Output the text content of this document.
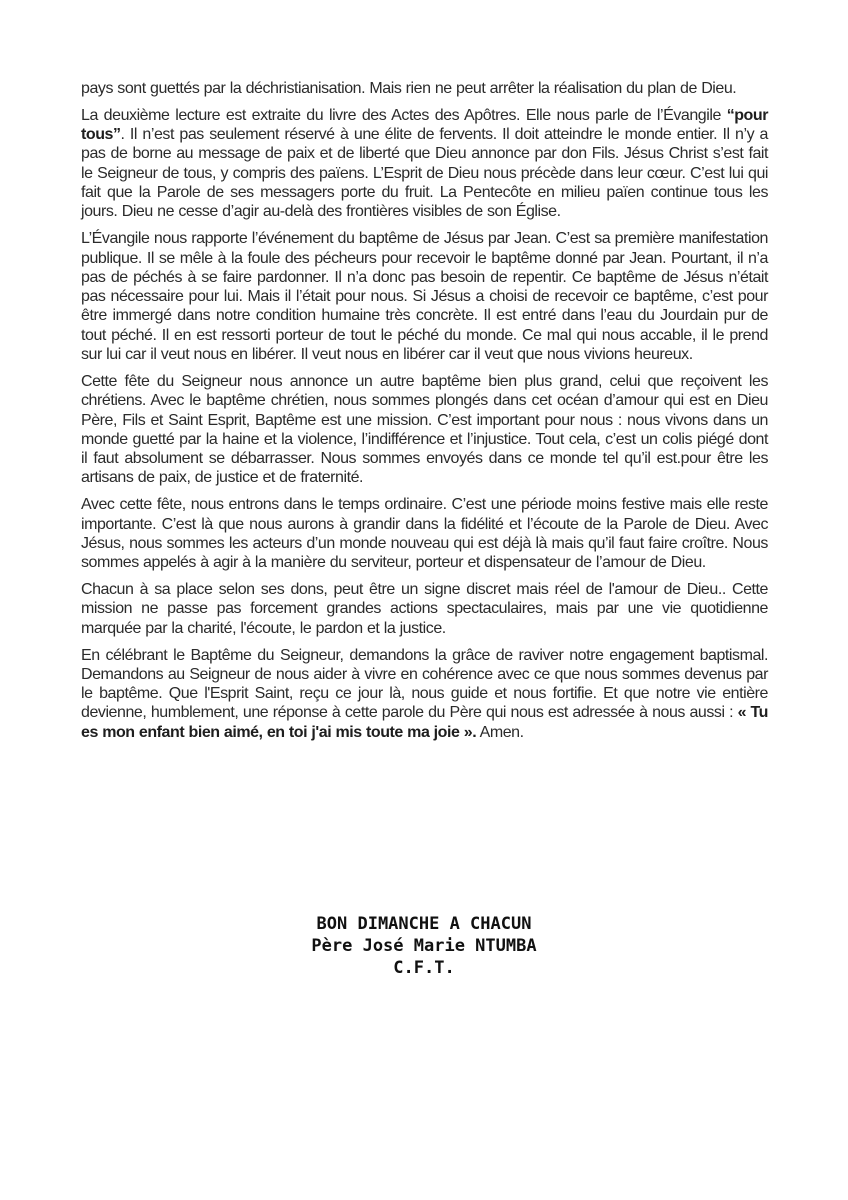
pays sont guettés par la déchristianisation. Mais rien ne peut arrêter la réalisation du plan de Dieu.

La deuxième lecture est extraite du livre des Actes des Apôtres. Elle nous parle de l’Évangile “pour tous”. Il n’est pas seulement réservé à une élite de fervents. Il doit atteindre le monde entier. Il n’y a pas de borne au message de paix et de liberté que Dieu annonce par don Fils. Jésus Christ s’est fait le Seigneur de tous, y compris des païens. L’Esprit de Dieu nous précède dans leur cœur. C’est lui qui fait que la Parole de ses messagers porte du fruit. La Pentecôte en milieu païen continue tous les jours. Dieu ne cesse d’agir au-delà des frontières visibles de son Église.

L’Évangile nous rapporte l’événement du baptême de Jésus par Jean. C’est sa première manifestation publique. Il se mêle à la foule des pécheurs pour recevoir le baptême donné par Jean. Pourtant, il n’a pas de péchés à se faire pardonner. Il n’a donc pas besoin de repentir. Ce baptême de Jésus n’était pas nécessaire pour lui. Mais il l’était pour nous. Si Jésus a choisi de recevoir ce baptême, c’est pour être immergé dans notre condition humaine très concrète. Il est entré dans l’eau du Jourdain pur de tout péché. Il en est ressorti porteur de tout le péché du monde. Ce mal qui nous accable, il le prend sur lui car il veut nous en libérer. Il veut nous en libérer car il veut que nous vivions heureux.

Cette fête du Seigneur nous annonce un autre baptême bien plus grand, celui que reçoivent les chrétiens. Avec le baptême chrétien, nous sommes plongés dans cet océan d’amour qui est en Dieu Père, Fils et Saint Esprit, Baptême est une mission. C’est important pour nous : nous vivons dans un monde guetté par la haine et la violence, l’indifférence et l’injustice. Tout cela, c’est un colis piégé dont il faut absolument se débarrasser. Nous sommes envoyés dans ce monde tel qu’il est.pour être les artisans de paix, de justice et de fraternité.

Avec cette fête, nous entrons dans le temps ordinaire. C’est une période moins festive mais elle reste importante. C’est là que nous aurons à grandir dans la fidélité et l’écoute de la Parole de Dieu. Avec Jésus, nous sommes les acteurs d’un monde nouveau qui est déjà là mais qu’il faut faire croître. Nous sommes appelés à agir à la manière du serviteur, porteur et dispensateur de l’amour de Dieu.

Chacun à sa place selon ses dons, peut être un signe discret mais réel de l'amour de Dieu.. Cette mission ne passe pas forcement grandes actions spectaculaires, mais par une vie quotidienne marquée par la charité, l'écoute, le pardon et la justice.

En célébrant le Baptême du Seigneur, demandons la grâce de raviver notre engagement baptismal. Demandons au Seigneur de nous aider à vivre en cohérence avec ce que nous sommes devenus par le baptême. Que l'Esprit Saint, reçu ce jour là, nous guide et nous fortifie. Et que notre vie entière devienne, humblement, une réponse à cette parole du Père qui nous est adressée à nous aussi : « Tu es mon enfant bien aimé, en toi j'ai mis toute ma joie ». Amen.

BON DIMANCHE A CHACUN
Père José Marie NTUMBA
C.F.T.
